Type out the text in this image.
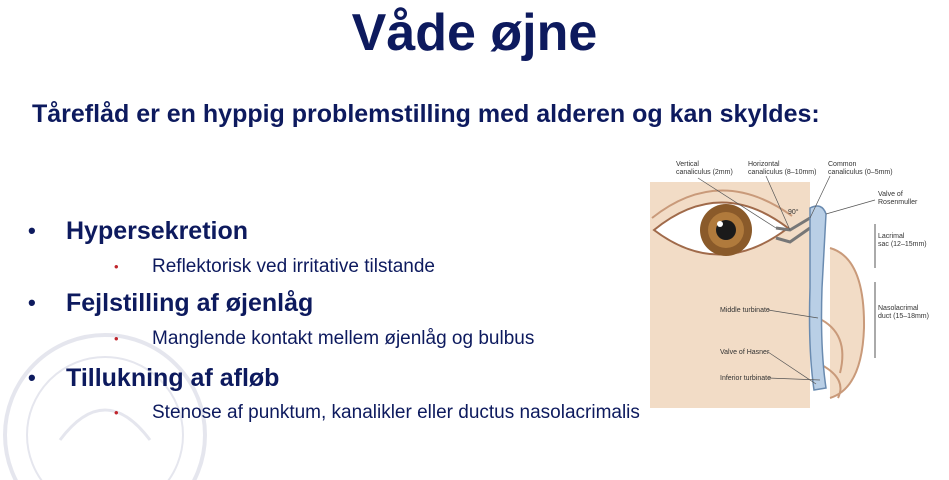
Våde øjne
Tåreflåd er en hyppig problemstilling med alderen og kan skyldes:
• Hypersekretion
• Reflektorisk ved irritative tilstande
• Fejlstilling af øjenlåg
• Manglende kontakt mellem øjenlåg og bulbus
• Tillukning af afløb
• Stenose af punktum, kanalikler eller ductus nasolacrimalis
Vertical
canaliculus (2mm)
Horizontal
canaliculus (8–10mm)
Common
canaliculus (0–5mm)
Valve of
Rosenmuller
Lacrimal
sac (12–15mm)
90°
Middle turbinate	Nasolacrimal
duct (15–18mm)
Valve of Hasner
Inferior turbinate
